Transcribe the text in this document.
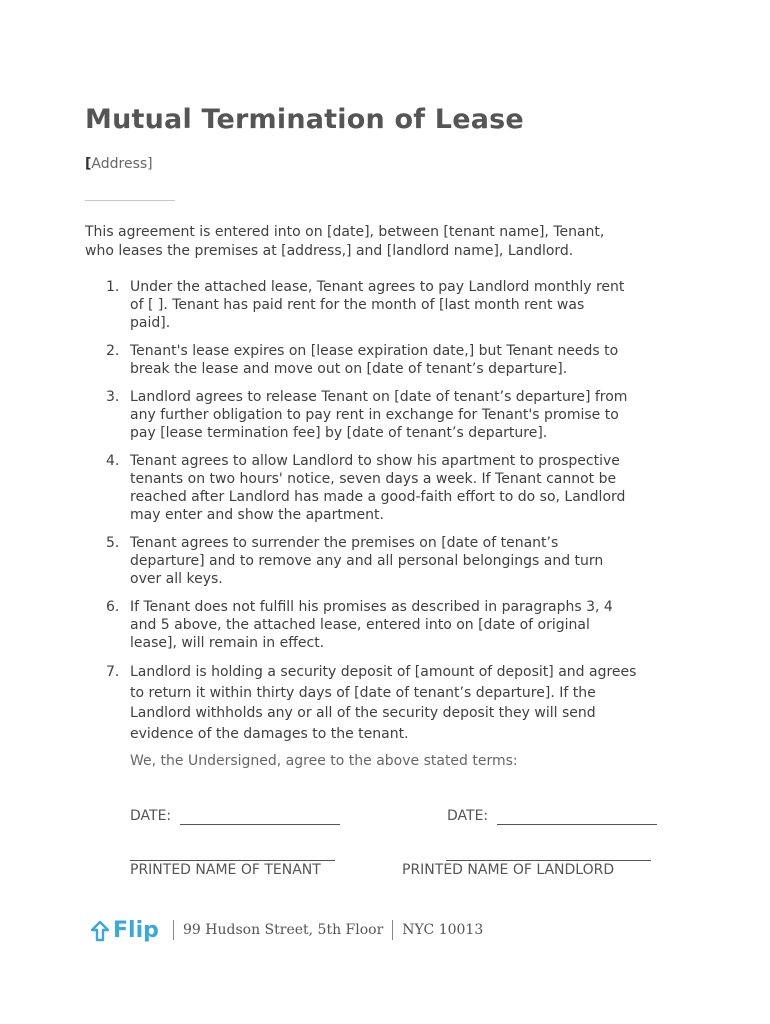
Mutual Termination of Lease
[Address]

This agreement is entered into on [date], between [tenant name], Tenant,
who leases the premises at [address,] and [landlord name], Landlord.

1. Under the attached lease, Tenant agrees to pay Landlord monthly rent
of [ ]. Tenant has paid rent for the month of [last month rent was
paid].
2. Tenant's lease expires on [lease expiration date,] but Tenant needs to
break the lease and move out on [date of tenant’s departure].
3. Landlord agrees to release Tenant on [date of tenant’s departure] from
any further obligation to pay rent in exchange for Tenant's promise to
pay [lease termination fee] by [date of tenant’s departure].
4. Tenant agrees to allow Landlord to show his apartment to prospective
tenants on two hours' notice, seven days a week. If Tenant cannot be
reached after Landlord has made a good-faith effort to do so, Landlord
may enter and show the apartment.
5. Tenant agrees to surrender the premises on [date of tenant’s
departure] and to remove any and all personal belongings and turn
over all keys.
6. If Tenant does not fulfill his promises as described in paragraphs 3, 4
and 5 above, the attached lease, entered into on [date of original
lease], will remain in effect.
7. Landlord is holding a security deposit of [amount of deposit] and agrees
to return it within thirty days of [date of tenant’s departure]. If the
Landlord withholds any or all of the security deposit they will send
evidence of the damages to the tenant.
We, the Undersigned, agree to the above stated terms:
DATE:	DATE:
PRINTED NAME OF TENANT	PRINTED NAME OF LANDLORD
Flip 99 Hudson Street, 5th Floor NYC 10013
